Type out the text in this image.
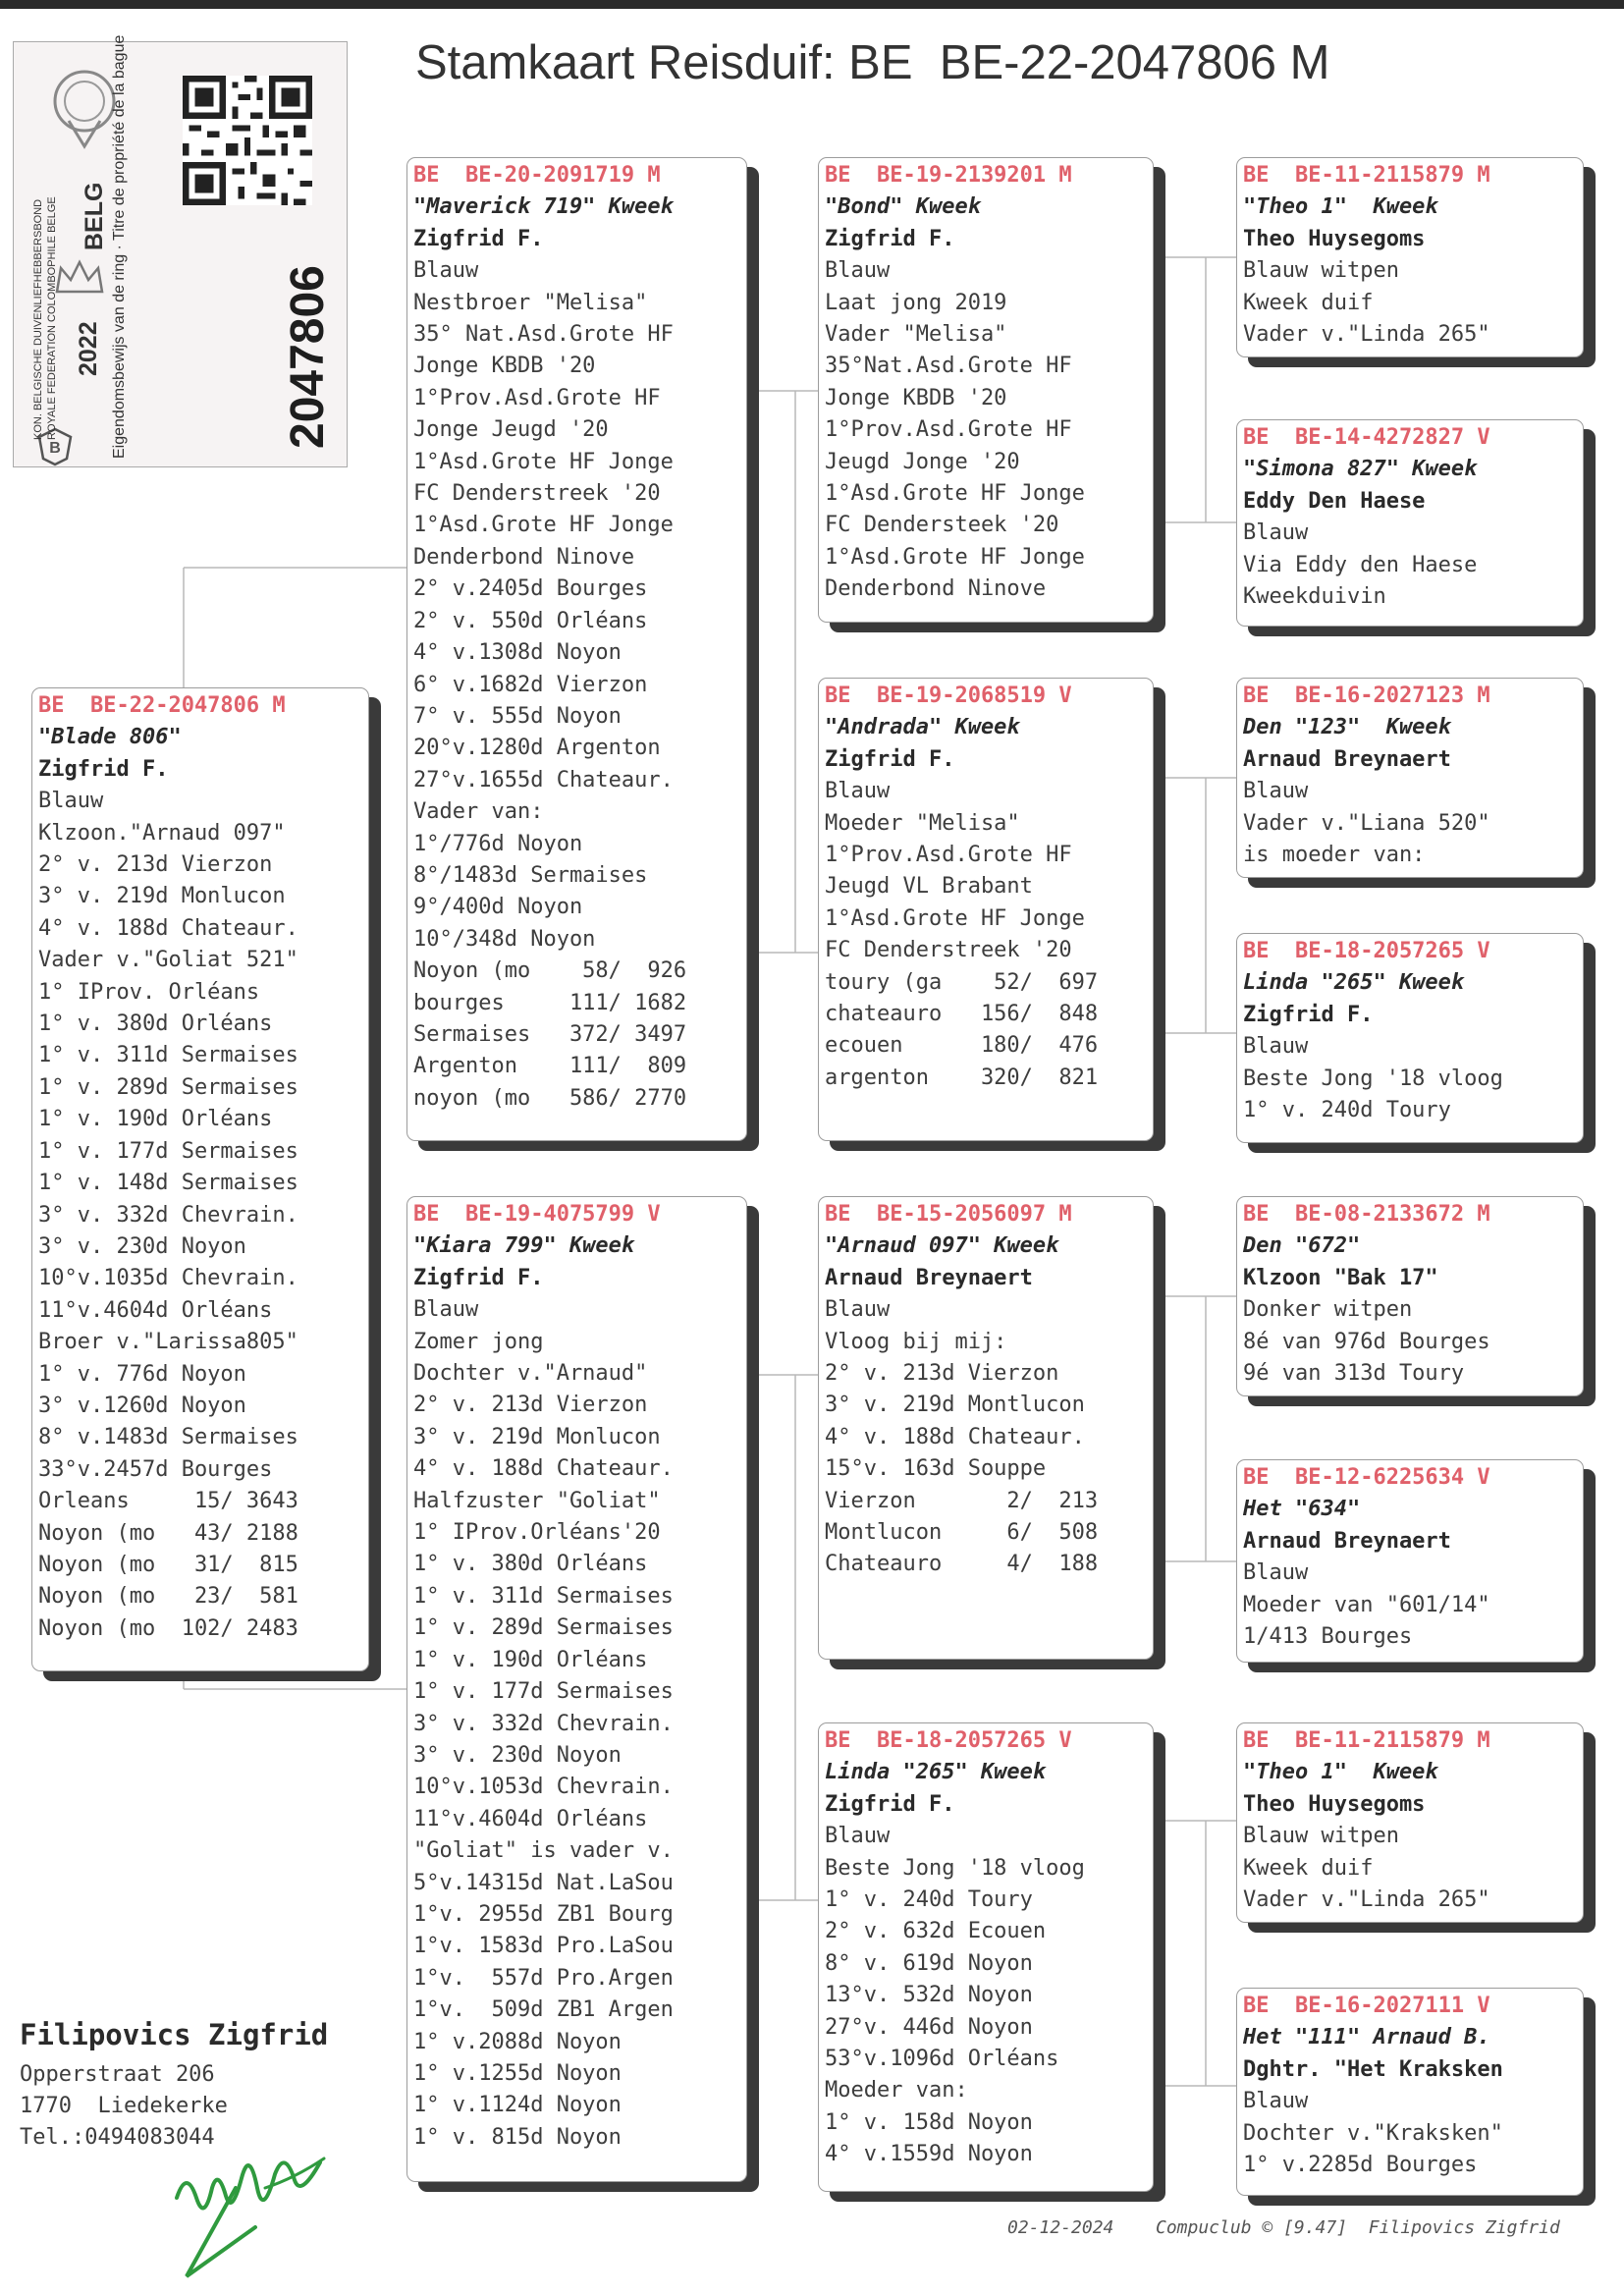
Stamkaart Reisduif: BE  BE-22-2047806 M
B	2047806
2022
BELG
KON. BELGISCHE DUIVENLIEFHEBBERSBOND ROYALE FEDERATION COLOMBOPHILE BELGE	Eigendomsbewijs van de ring · Titre de propriété de la bague
BE  BE-22-2047806 M
"Blade 806"
Zigfrid F.
Blauw
Klzoon."Arnaud 097"
2° v. 213d Vierzon
3° v. 219d Monlucon
4° v. 188d Chateaur.
Vader v."Goliat 521"
1° IProv. Orléans
1° v. 380d Orléans
1° v. 311d Sermaises
1° v. 289d Sermaises
1° v. 190d Orléans
1° v. 177d Sermaises
1° v. 148d Sermaises
3° v. 332d Chevrain.
3° v. 230d Noyon
10°v.1035d Chevrain.
11°v.4604d Orléans
Broer v."Larissa805"
1° v. 776d Noyon
3° v.1260d Noyon
8° v.1483d Sermaises
33°v.2457d Bourges
Orleans     15/ 3643
Noyon (mo   43/ 2188
Noyon (mo   31/  815
Noyon (mo   23/  581
Noyon (mo  102/ 2483
BE  BE-20-2091719 M
"Maverick 719" Kweek
Zigfrid F.
Blauw
Nestbroer "Melisa"
35° Nat.Asd.Grote HF
Jonge KBDB '20
1°Prov.Asd.Grote HF
Jonge Jeugd '20
1°Asd.Grote HF Jonge
FC Denderstreek '20
1°Asd.Grote HF Jonge
Denderbond Ninove
2° v.2405d Bourges
2° v. 550d Orléans
4° v.1308d Noyon
6° v.1682d Vierzon
7° v. 555d Noyon
20°v.1280d Argenton
27°v.1655d Chateaur.
Vader van:
1°/776d Noyon
8°/1483d Sermaises
9°/400d Noyon
10°/348d Noyon
Noyon (mo    58/  926
bourges     111/ 1682
Sermaises   372/ 3497
Argenton    111/  809
noyon (mo   586/ 2770
BE  BE-19-4075799 V
"Kiara 799" Kweek
Zigfrid F.
Blauw
Zomer jong
Dochter v."Arnaud"
2° v. 213d Vierzon
3° v. 219d Monlucon
4° v. 188d Chateaur.
Halfzuster "Goliat"
1° IProv.Orléans'20
1° v. 380d Orléans
1° v. 311d Sermaises
1° v. 289d Sermaises
1° v. 190d Orléans
1° v. 177d Sermaises
3° v. 332d Chevrain.
3° v. 230d Noyon
10°v.1053d Chevrain.
11°v.4604d Orléans
"Goliat" is vader v.
5°v.14315d Nat.LaSou
1°v. 2955d ZB1 Bourg
1°v. 1583d Pro.LaSou
1°v.  557d Pro.Argen
1°v.  509d ZB1 Argen
1° v.2088d Noyon
1° v.1255d Noyon
1° v.1124d Noyon
1° v. 815d Noyon
BE  BE-19-2139201 M
"Bond" Kweek
Zigfrid F.
Blauw
Laat jong 2019
Vader "Melisa"
35°Nat.Asd.Grote HF
Jonge KBDB '20
1°Prov.Asd.Grote HF
Jeugd Jonge '20
1°Asd.Grote HF Jonge
FC Dendersteek '20
1°Asd.Grote HF Jonge
Denderbond Ninove
BE  BE-19-2068519 V
"Andrada" Kweek
Zigfrid F.
Blauw
Moeder "Melisa"
1°Prov.Asd.Grote HF
Jeugd VL Brabant
1°Asd.Grote HF Jonge
FC Denderstreek '20
toury (ga    52/  697
chateauro   156/  848
ecouen      180/  476
argenton    320/  821
BE  BE-15-2056097 M
"Arnaud 097" Kweek
Arnaud Breynaert
Blauw
Vloog bij mij:
2° v. 213d Vierzon
3° v. 219d Montlucon
4° v. 188d Chateaur.
15°v. 163d Souppe
Vierzon       2/  213
Montlucon     6/  508
Chateauro     4/  188
BE  BE-18-2057265 V
Linda "265" Kweek
Zigfrid F.
Blauw
Beste Jong '18 vloog
1° v. 240d Toury
2° v. 632d Ecouen
8° v. 619d Noyon
13°v. 532d Noyon
27°v. 446d Noyon
53°v.1096d Orléans
Moeder van:
1° v. 158d Noyon
4° v.1559d Noyon
BE  BE-11-2115879 M
"Theo 1"  Kweek
Theo Huysegoms
Blauw witpen
Kweek duif
Vader v."Linda 265"
BE  BE-14-4272827 V
"Simona 827" Kweek
Eddy Den Haese
Blauw
Via Eddy den Haese
Kweekduivin
BE  BE-16-2027123 M
Den "123"  Kweek
Arnaud Breynaert
Blauw
Vader v."Liana 520"
is moeder van:
BE  BE-18-2057265 V
Linda "265" Kweek
Zigfrid F.
Blauw
Beste Jong '18 vloog
1° v. 240d Toury
BE  BE-08-2133672 M
Den "672"
Klzoon "Bak 17"
Donker witpen
8é van 976d Bourges
9é van 313d Toury
BE  BE-12-6225634 V
Het "634"
Arnaud Breynaert
Blauw
Moeder van "601/14"
1/413 Bourges
BE  BE-11-2115879 M
"Theo 1"  Kweek
Theo Huysegoms
Blauw witpen
Kweek duif
Vader v."Linda 265"
BE  BE-16-2027111 V
Het "111" Arnaud B.
Dghtr. "Het Kraksken
Blauw
Dochter v."Kraksken"
1° v.2285d Bourges
Filipovics Zigfrid
Opperstraat 206
1770  Liedekerke
Tel.:0494083044
02-12-2024 Compuclub © [9.47]  Filipovics Zigfrid
